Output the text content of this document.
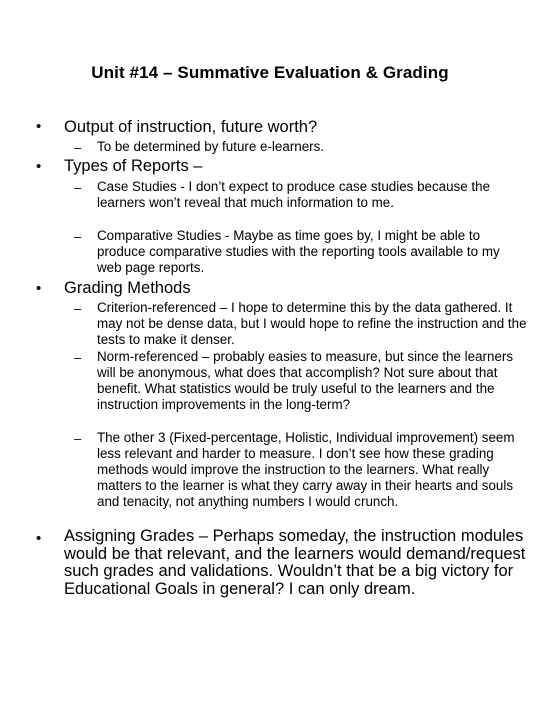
Unit #14 – Summative Evaluation & Grading
• Output of instruction, future worth?
– To be determined by future e-learners.
• Types of Reports –
– Case Studies - I don’t expect to produce case studies because the learners won’t reveal that much information to me.
– Comparative Studies - Maybe as time goes by, I might be able to produce comparative studies with the reporting tools available to my web page reports.
• Grading Methods
– Criterion-referenced – I hope to determine this by the data gathered. It may not be dense data, but I would hope to refine the instruction and the tests to make it denser.
– Norm-referenced – probably easies to measure, but since the learners will be anonymous, what does that accomplish? Not sure about that benefit. What statistics would be truly useful to the learners and the instruction improvements in the long-term?
– The other 3 (Fixed-percentage, Holistic, Individual improvement) seem less relevant and harder to measure. I don’t see how these grading methods would improve the instruction to the learners. What really matters to the learner is what they carry away in their hearts and souls and tenacity, not anything numbers I would crunch.
• Assigning Grades – Perhaps someday, the instruction modules would be that relevant, and the learners would demand/request such grades and validations. Wouldn’t that be a big victory for Educational Goals in general? I can only dream.
